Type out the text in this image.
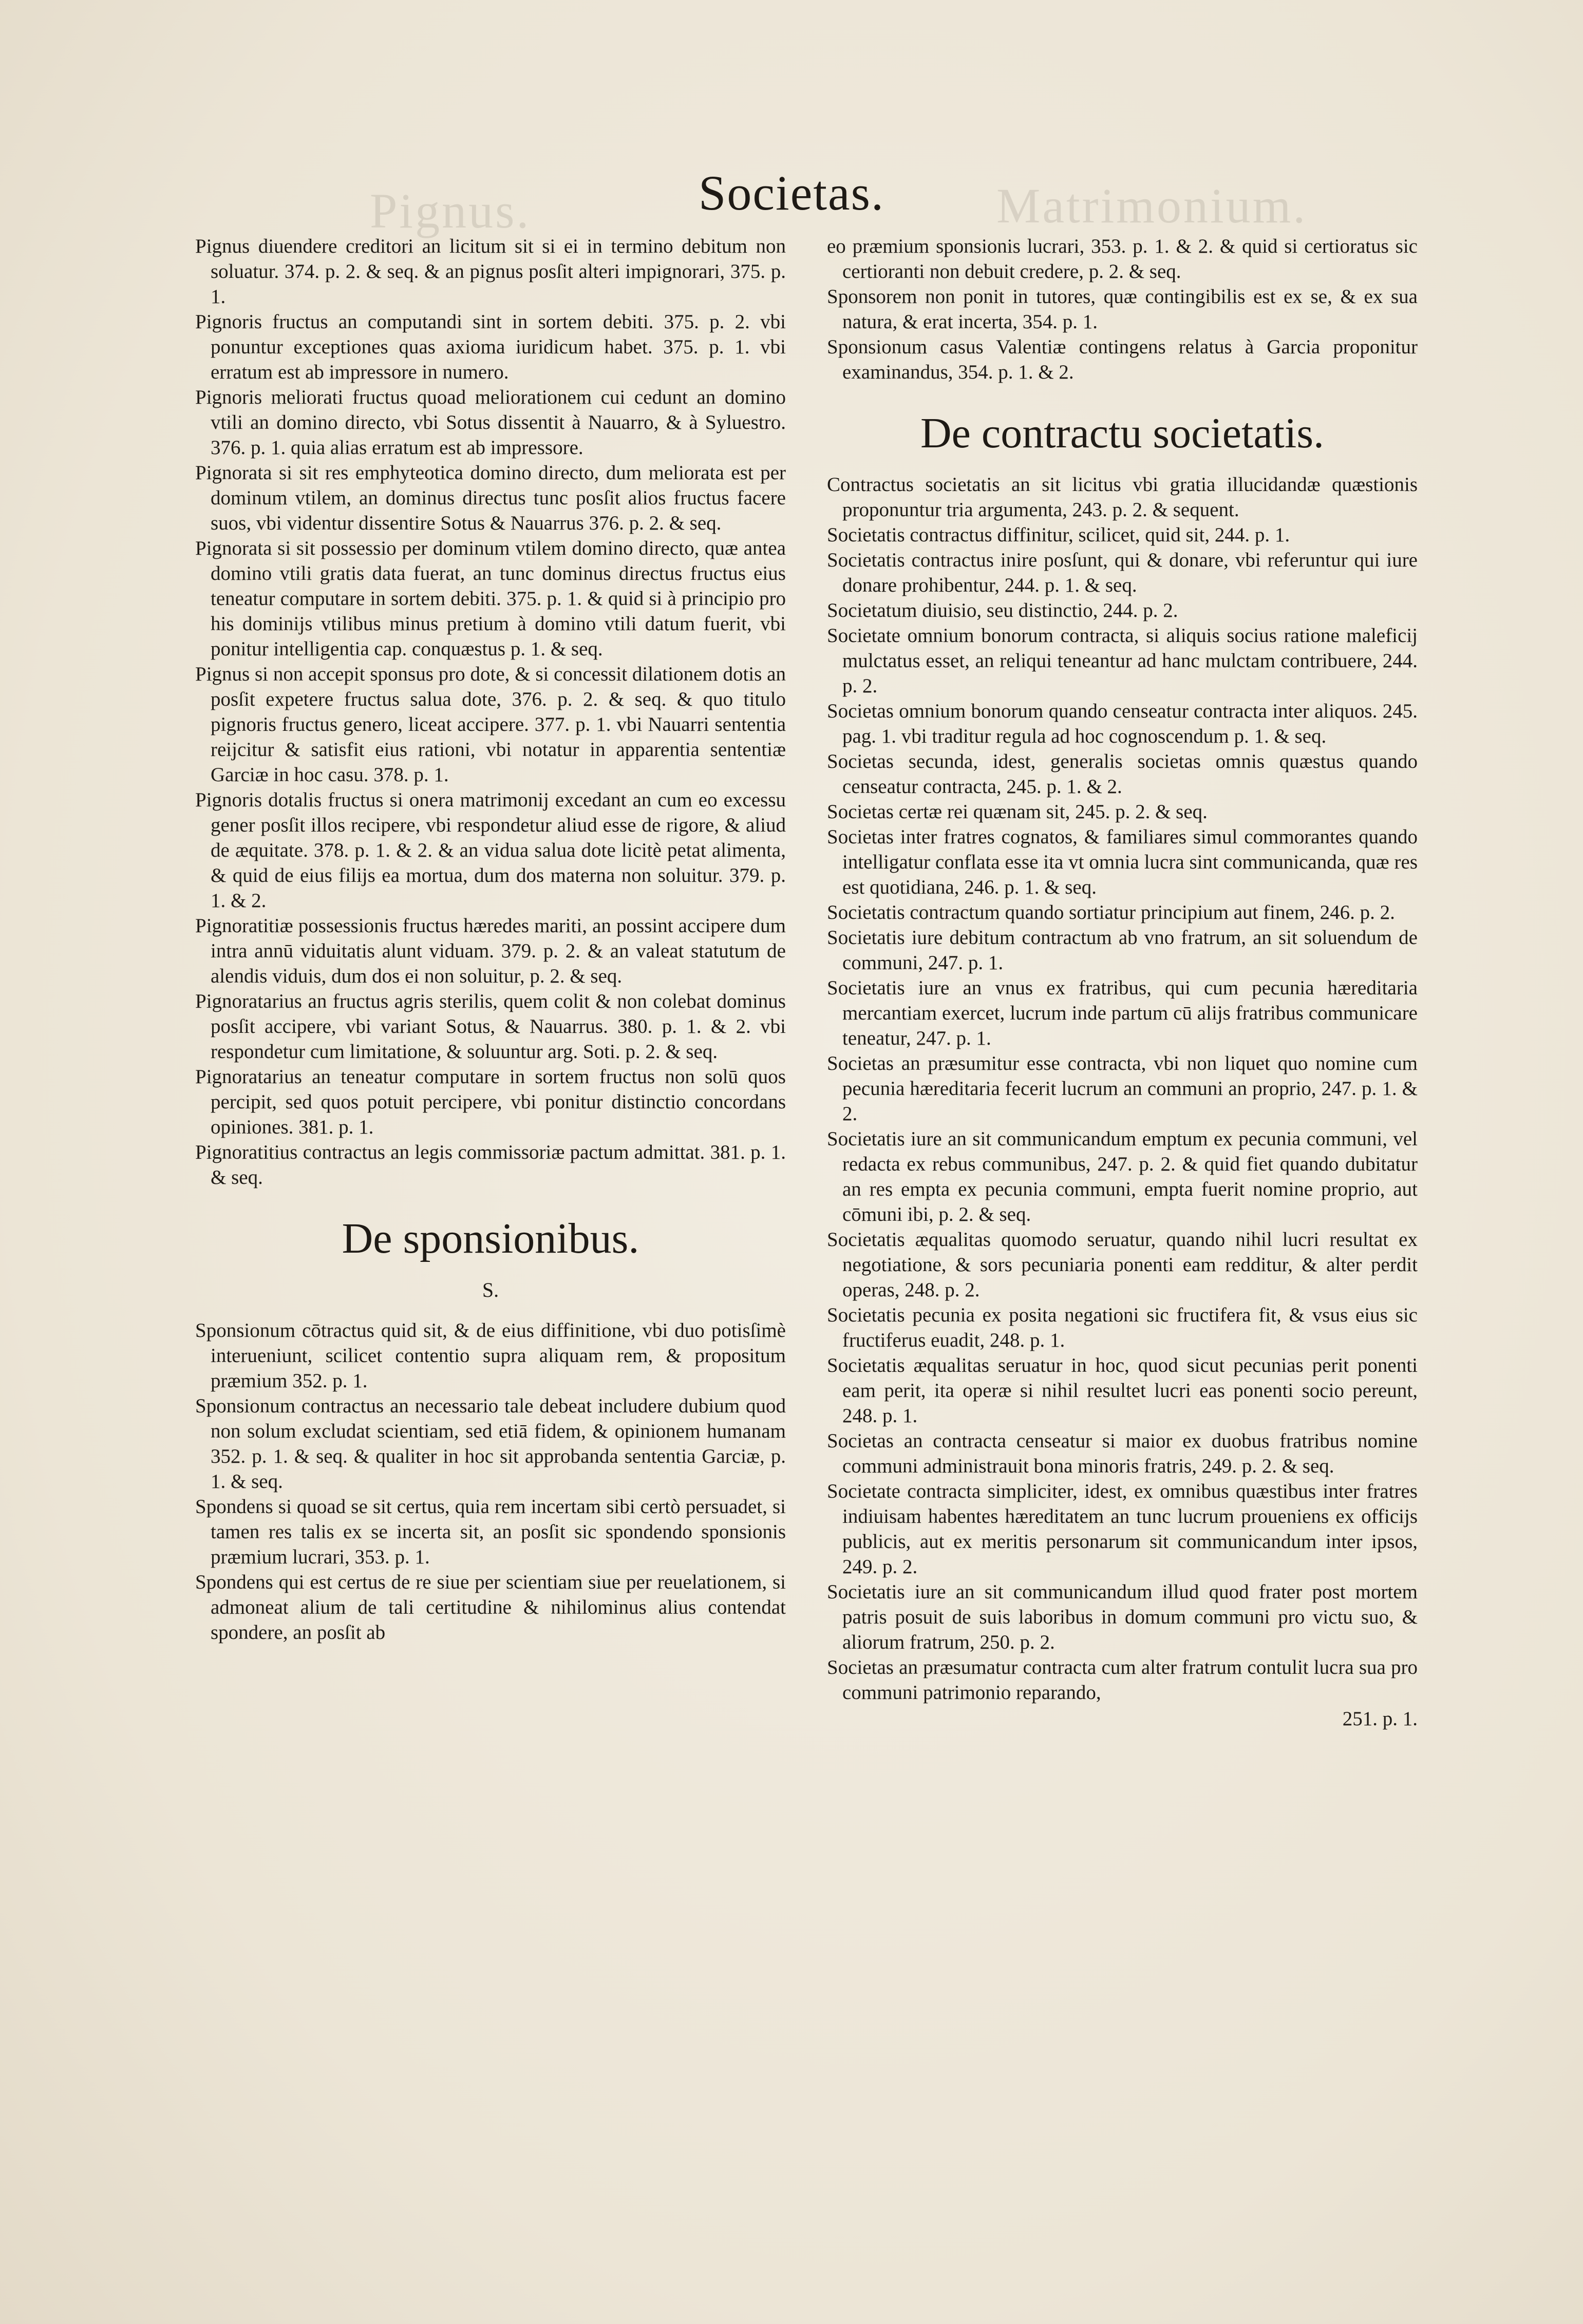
Pignus.	Matrimonium.
Societas.
Pignus diuendere creditori an licitum sit si ei in termino debitum non soluatur. 374. p. 2. & seq. & an pignus posſit alteri impignorari, 375. p. 1.
Pignoris fructus an computandi sint in sortem debiti. 375. p. 2. vbi ponuntur exceptiones quas axioma iuridicum habet. 375. p. 1. vbi erratum est ab impressore in numero.
Pignoris meliorati fructus quoad meliorationem cui cedunt an domino vtili an domino directo, vbi Sotus dissentit à Nauarro, & à Syluestro. 376. p. 1. quia alias erratum est ab impressore.
Pignorata si sit res emphyteotica domino directo, dum meliorata est per dominum vtilem, an dominus directus tunc posſit alios fructus facere suos, vbi videntur dissentire Sotus & Nauarrus 376. p. 2. & seq.
Pignorata si sit possessio per dominum vtilem domino directo, quæ antea domino vtili gratis data fuerat, an tunc dominus directus fructus eius teneatur computare in sortem debiti. 375. p. 1. & quid si à principio pro his dominijs vtilibus minus pretium à domino vtili datum fuerit, vbi ponitur intelligentia cap. conquæstus p. 1. & seq.
Pignus si non accepit sponsus pro dote, & si concessit dilationem dotis an posſit expetere fructus salua dote, 376. p. 2. & seq. & quo titulo pignoris fructus genero, liceat accipere. 377. p. 1. vbi Nauarri sententia reijcitur & satisfit eius rationi, vbi notatur in apparentia sententiæ Garciæ in hoc casu. 378. p. 1.
Pignoris dotalis fructus si onera matrimonij excedant an cum eo excessu gener posſit illos recipere, vbi respondetur aliud esse de rigore, & aliud de æquitate. 378. p. 1. & 2. & an vidua salua dote licitè petat alimenta, & quid de eius filijs ea mortua, dum dos materna non soluitur. 379. p. 1. & 2.
Pignoratitiæ possessionis fructus hæredes mariti, an possint accipere dum intra annū viduitatis alunt viduam. 379. p. 2. & an valeat statutum de alendis viduis, dum dos ei non soluitur, p. 2. & seq.
Pignoratarius an fructus agris sterilis, quem colit & non colebat dominus posſit accipere, vbi variant Sotus, & Nauarrus. 380. p. 1. & 2. vbi respondetur cum limitatione, & soluuntur arg. Soti. p. 2. & seq.
Pignoratarius an teneatur computare in sortem fructus non solū quos percipit, sed quos potuit percipere, vbi ponitur distinctio concordans opiniones. 381. p. 1.
Pignoratitius contractus an legis commissoriæ pactum admittat. 381. p. 1. & seq.
De sponsionibus.
S.
Sponsionum cōtractus quid sit, & de eius diffinitione, vbi duo potisſimè interueniunt, scilicet contentio supra aliquam rem, & propositum præmium 352. p. 1.
Sponsionum contractus an necessario tale debeat includere dubium quod non solum excludat scientiam, sed etiā fidem, & opinionem humanam 352. p. 1. & seq. & qualiter in hoc sit approbanda sententia Garciæ, p. 1. & seq.
Spondens si quoad se sit certus, quia rem incertam sibi certò persuadet, si tamen res talis ex se incerta sit, an posſit sic spondendo sponsionis præmium lucrari, 353. p. 1.
Spondens qui est certus de re siue per scientiam siue per reuelationem, si admoneat alium de tali certitudine & nihilominus alius contendat spondere, an posſit ab
eo præmium sponsionis lucrari, 353. p. 1. & 2. & quid si certioratus sic certioranti non debuit credere, p. 2. & seq.
Sponsorem non ponit in tutores, quæ contingibilis est ex se, & ex sua natura, & erat incerta, 354. p. 1.
Sponsionum casus Valentiæ contingens relatus à Garcia proponitur examinandus, 354. p. 1. & 2.
De contractu societatis.
Contractus societatis an sit licitus vbi gratia illucidandæ quæstionis proponuntur tria argumenta, 243. p. 2. & sequent.
Societatis contractus diffinitur, scilicet, quid sit, 244. p. 1.
Societatis contractus inire posſunt, qui & donare, vbi referuntur qui iure donare prohibentur, 244. p. 1. & seq.
Societatum diuisio, seu distinctio, 244. p. 2.
Societate omnium bonorum contracta, si aliquis socius ratione maleficij mulctatus esset, an reliqui teneantur ad hanc mulctam contribuere, 244. p. 2.
Societas omnium bonorum quando censeatur contracta inter aliquos. 245. pag. 1. vbi traditur regula ad hoc cognoscendum p. 1. & seq.
Societas secunda, idest, generalis societas omnis quæstus quando censeatur contracta, 245. p. 1. & 2.
Societas certæ rei quænam sit, 245. p. 2. & seq.
Societas inter fratres cognatos, & familiares simul commorantes quando intelligatur conflata esse ita vt omnia lucra sint communicanda, quæ res est quotidiana, 246. p. 1. & seq.
Societatis contractum quando sortiatur principium aut finem, 246. p. 2.
Societatis iure debitum contractum ab vno fratrum, an sit soluendum de communi, 247. p. 1.
Societatis iure an vnus ex fratribus, qui cum pecunia hæreditaria mercantiam exercet, lucrum inde partum cū alijs fratribus communicare teneatur, 247. p. 1.
Societas an præsumitur esse contracta, vbi non liquet quo nomine cum pecunia hæreditaria fecerit lucrum an communi an proprio, 247. p. 1. & 2.
Societatis iure an sit communicandum emptum ex pecunia communi, vel redacta ex rebus communibus, 247. p. 2. & quid fiet quando dubitatur an res empta ex pecunia communi, empta fuerit nomine proprio, aut cōmuni ibi, p. 2. & seq.
Societatis æqualitas quomodo seruatur, quando nihil lucri resultat ex negotiatione, & sors pecuniaria ponenti eam redditur, & alter perdit operas, 248. p. 2.
Societatis pecunia ex posita negationi sic fructifera fit, & vsus eius sic fructiferus euadit, 248. p. 1.
Societatis æqualitas seruatur in hoc, quod sicut pecunias perit ponenti eam perit, ita operæ si nihil resultet lucri eas ponenti socio pereunt, 248. p. 1.
Societas an contracta censeatur si maior ex duobus fratribus nomine communi administrauit bona minoris fratris, 249. p. 2. & seq.
Societate contracta simpliciter, idest, ex omnibus quæstibus inter fratres indiuisam habentes hæreditatem an tunc lucrum proueniens ex officijs publicis, aut ex meritis personarum sit communicandum inter ipsos, 249. p. 2.
Societatis iure an sit communicandum illud quod frater post mortem patris posuit de suis laboribus in domum communi pro victu suo, & aliorum fratrum, 250. p. 2.
Societas an præsumatur contracta cum alter fratrum contulit lucra sua pro communi patrimonio reparando,
251. p. 1.
